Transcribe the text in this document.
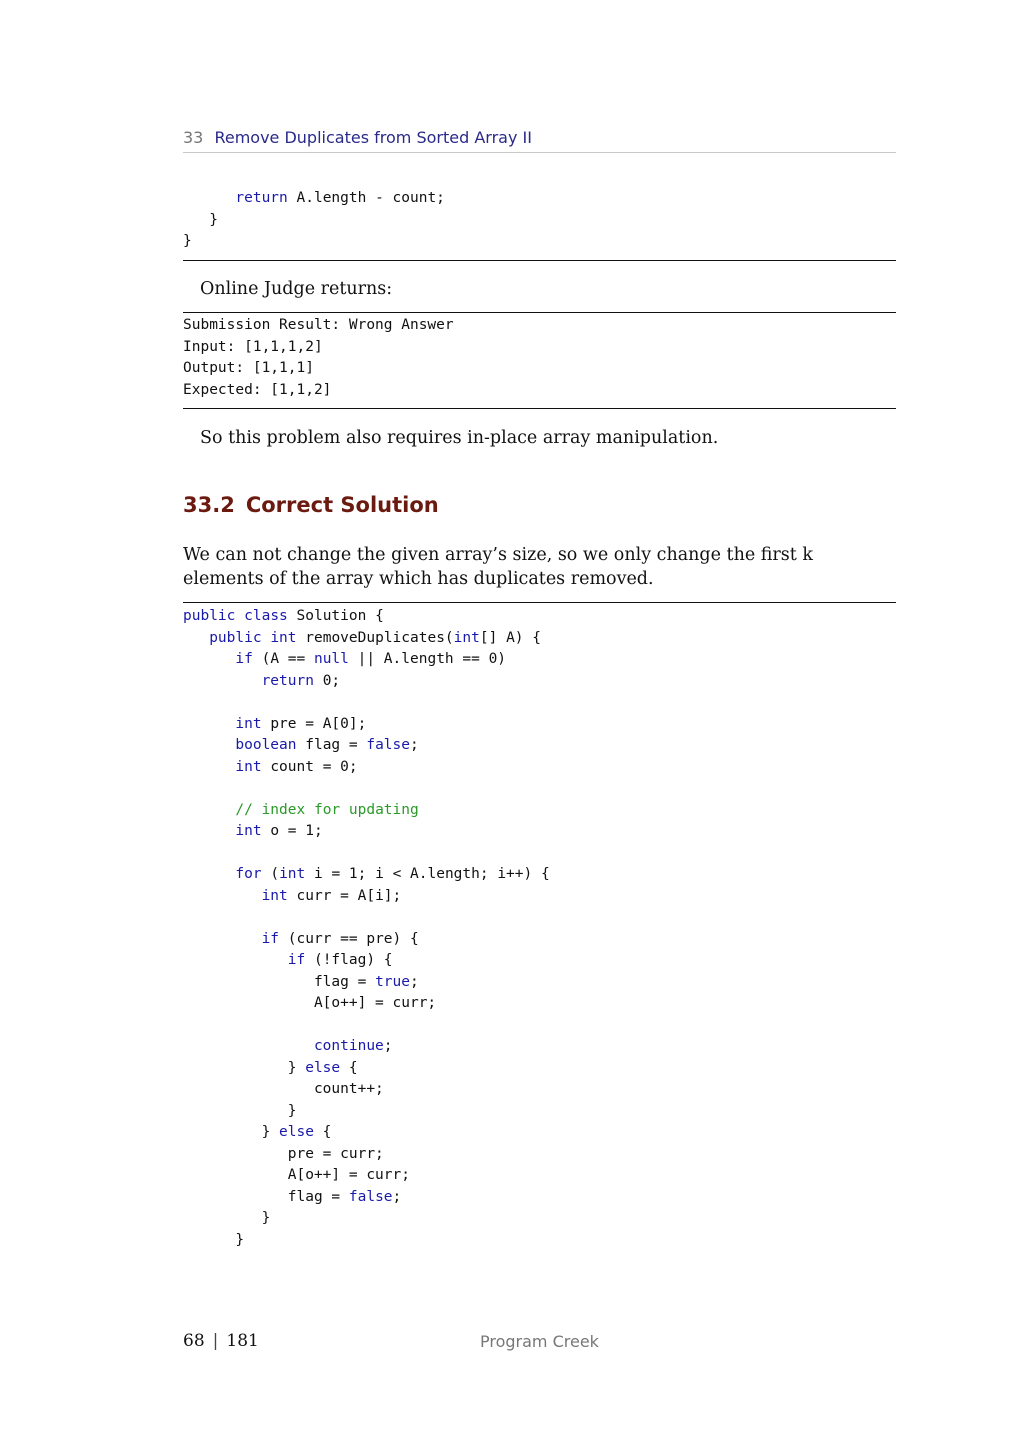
33 Remove Duplicates from Sorted Array II
return A.length - count;
}
}
Online Judge returns:
Submission Result: Wrong Answer
Input: [1,1,1,2]
Output: [1,1,1]
Expected: [1,1,2]
So this problem also requires in-place array manipulation.
33.2 Correct Solution
We can not change the given array’s size, so we only change the first k elements of the array which has duplicates removed.
public class Solution {
public int removeDuplicates(int[] A) {
if (A == null || A.length == 0)
return 0;
int pre = A[0];
boolean flag = false;
int count = 0;
// index for updating
int o = 1;
for (int i = 1; i < A.length; i++) {
int curr = A[i];
if (curr == pre) {
if (!flag) {
flag = true;
A[o++] = curr;
continue;
} else {
count++;
}
} else {
pre = curr;
A[o++] = curr;
flag = false;
}
}
68 | 181	Program Creek
